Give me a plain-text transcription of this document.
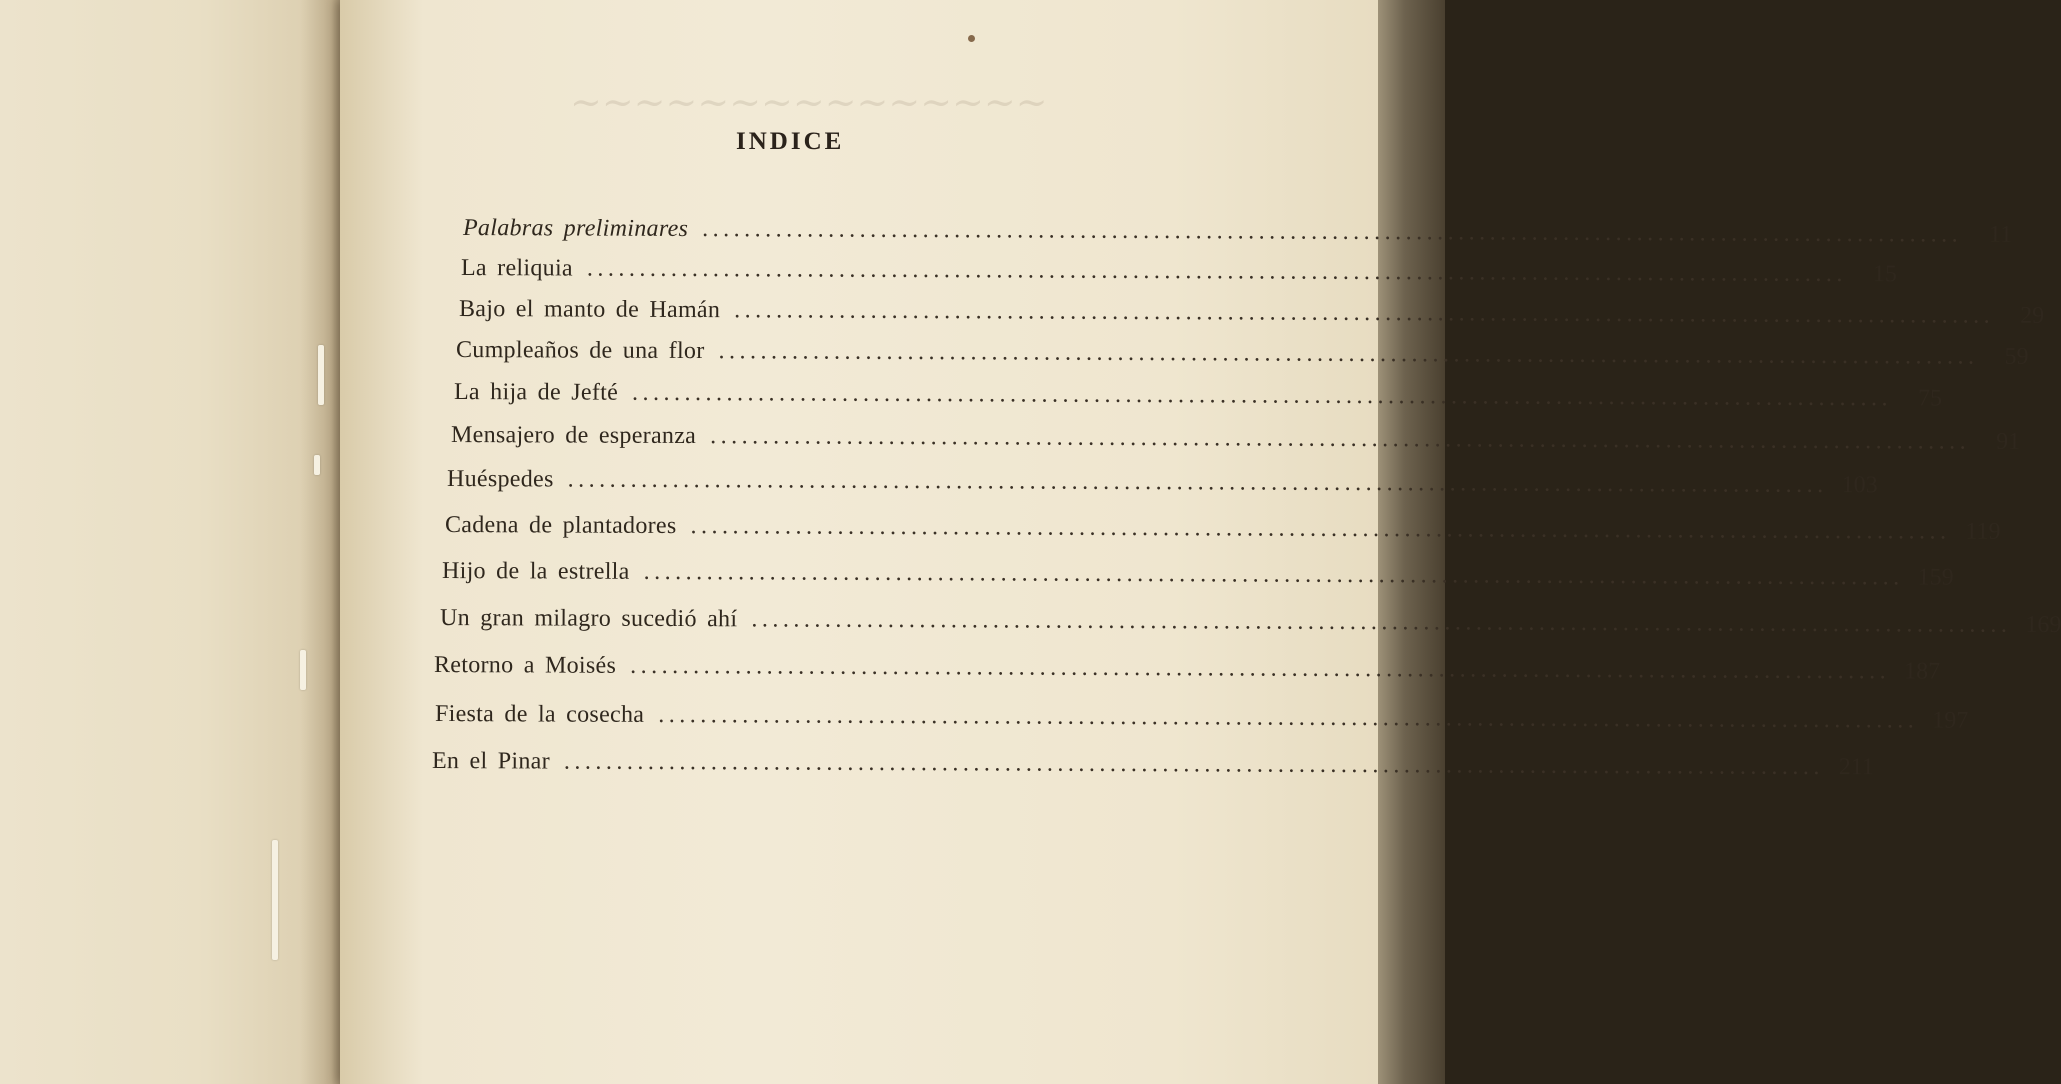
~~~~~~~~~~~~~~~
INDICE
Palabras preliminares ........................................................................................................................	11
La reliquia ........................................................................................................................	15
Bajo el manto de Hamán ........................................................................................................................	29
Cumpleaños de una flor ........................................................................................................................	59
La hija de Jefté ........................................................................................................................	75
Mensajero de esperanza ........................................................................................................................	91
Huéspedes ........................................................................................................................ 103
Cadena de plantadores ........................................................................................................................ 119
Hijo de la estrella ........................................................................................................................ 159
Un gran milagro sucedió ahí ........................................................................................................................ 169
Retorno a Moisés ........................................................................................................................ 187
Fiesta de la cosecha ........................................................................................................................ 197
En el Pinar ........................................................................................................................ 211
